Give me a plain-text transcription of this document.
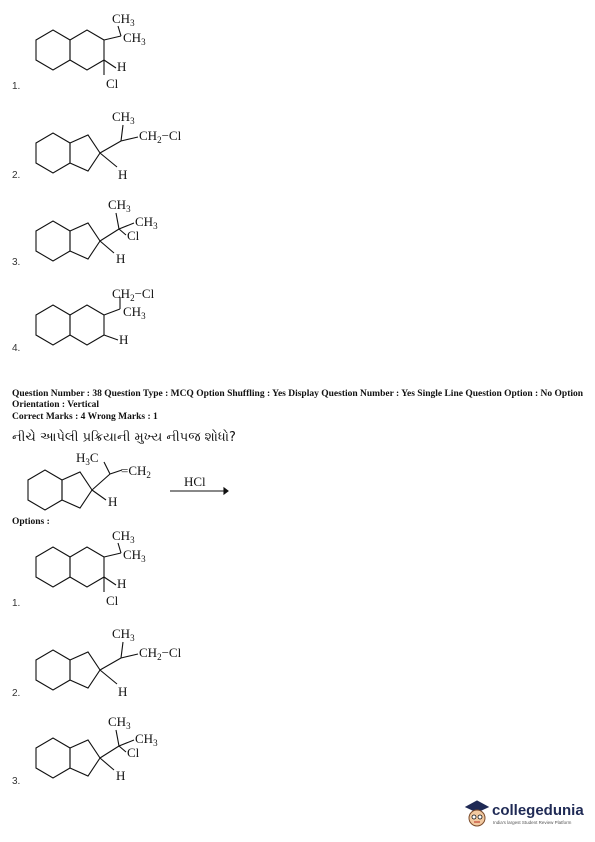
1.
$CH_3$
$CH_3$
H
Cl
2.
$CH_3$
$CH_2-Cl$
H
3.
$CH_3$
$CH_3$
Cl
H
4.
$CH_2-Cl$
$CH_3$
H
Question Number : 38 Question Type : MCQ Option Shuffling : Yes Display Question Number : Yes Single Line Question Option : No Option Orientation : Vertical
Correct Marks : 4 Wrong Marks : 1
નીચે આપેલી પ્રક્રિયાની મુખ્ય નીપજ શોધો?
$H_3C$
$=CH_2$
H
HCl
Options :
1.
$CH_3$
$CH_3$
H
Cl
2.
$CH_3$
$CH_2-Cl$
H
3.
$CH_3$
$CH_3$
Cl
H
collegedunia
India's largest Student Review Platform
